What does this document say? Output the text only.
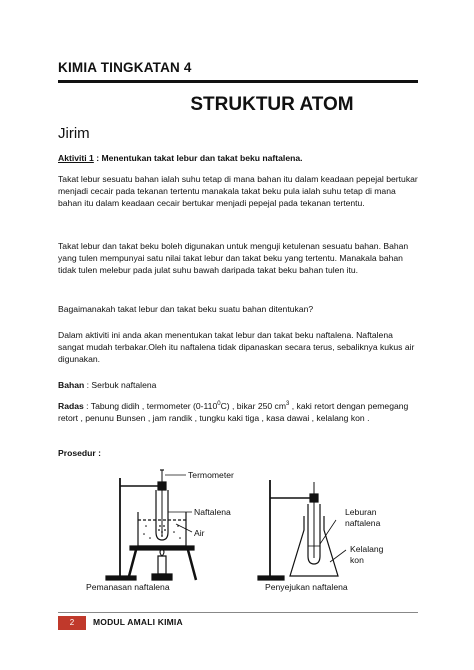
KIMIA TINGKATAN 4
STRUKTUR ATOM
Jirim
Aktiviti 1 : Menentukan takat lebur dan takat beku naftalena.
Takat lebur sesuatu bahan ialah suhu tetap di mana bahan itu dalam keadaan pepejal bertukar menjadi cecair pada tekanan tertentu manakala takat beku pula ialah suhu tetap di mana bahan itu dalam keadaan cecair bertukar menjadi pepejal pada tekanan tertentu.
Takat lebur dan takat beku boleh digunakan untuk menguji ketulenan sesuatu bahan. Bahan yang tulen mempunyai satu nilai takat lebur dan takat beku yang tertentu. Manakala bahan tidak tulen melebur pada julat suhu bawah daripada takat beku bahan tulen itu.
Bagaimanakah takat lebur dan takat beku suatu bahan ditentukan?
Dalam aktiviti ini anda akan menentukan takat lebur dan takat beku naftalena. Naftalena sangat mudah terbakar.Oleh itu naftalena tidak dipanaskan secara terus, sebaliknya kukus air digunakan.
Bahan : Serbuk naftalena
Radas : Tabung didih , termometer $(0-110^0C)$ , bikar 250 $cm^3$ , kaki retort dengan pemegang retort , penunu Bunsen , jam randik , tungku kaki tiga , kasa dawai , kelalang kon .
Prosedur :
Termometer
Naftalena
Air
Leburan
naftalena
Kelalang
kon
Pemanasan naftalena	Penyejukan naftalena
2	MODUL AMALI KIMIA
